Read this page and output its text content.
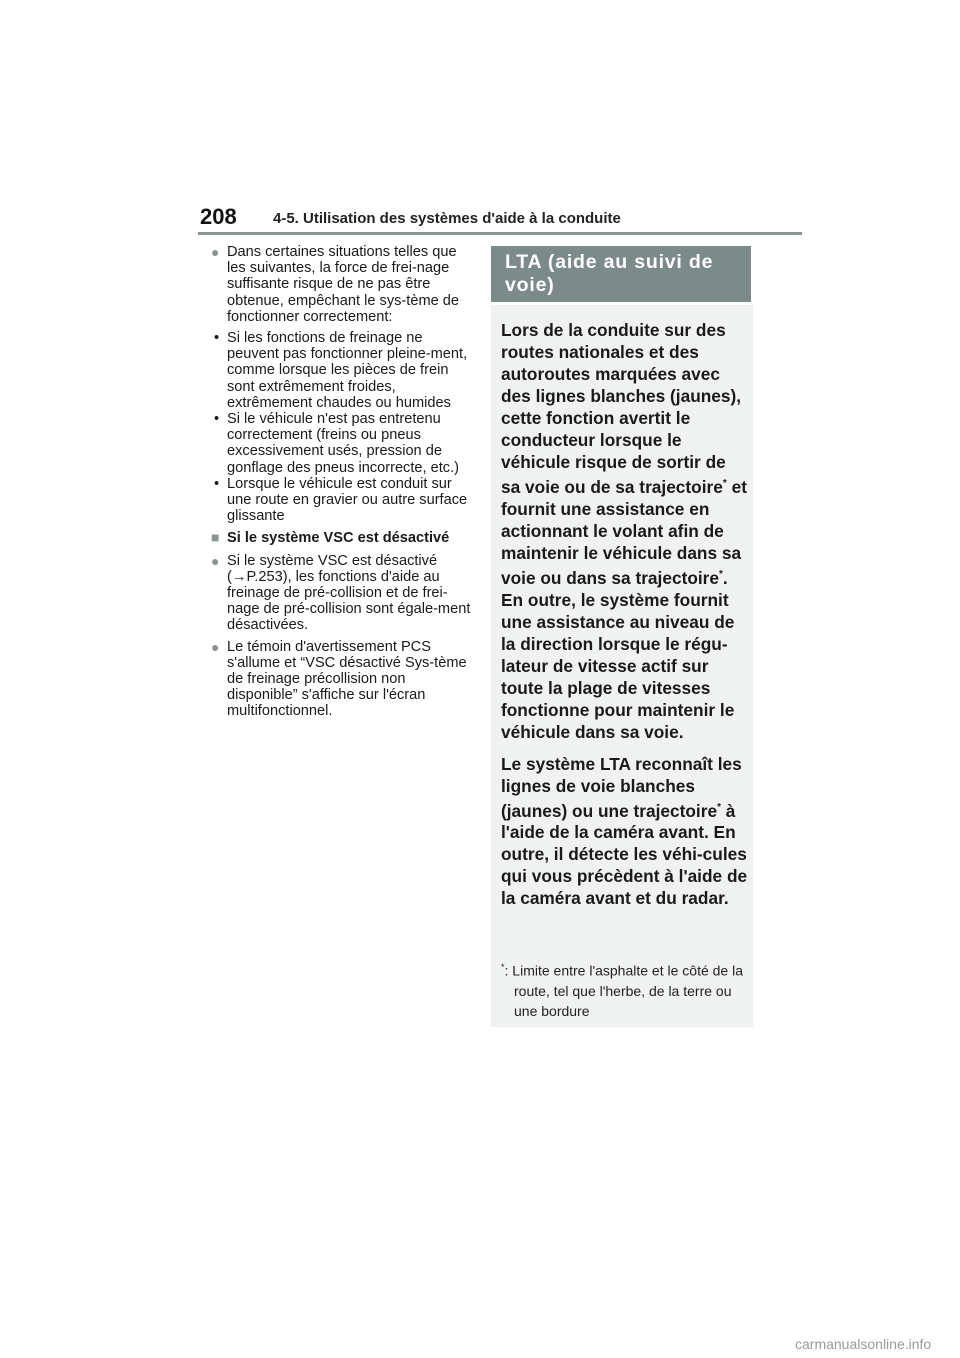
208 4-5. Utilisation des systèmes d'aide à la conduite
● Dans certaines situations telles que les suivantes, la force de frei-nage suffisante risque de ne pas être obtenue, empêchant le sys-tème de fonctionner correctement:
• Si les fonctions de freinage ne peuvent pas fonctionner pleine-ment, comme lorsque les pièces de frein sont extrêmement froides, extrêmement chaudes ou humides
• Si le véhicule n'est pas entretenu correctement (freins ou pneus excessivement usés, pression de gonflage des pneus incorrecte, etc.)
• Lorsque le véhicule est conduit sur une route en gravier ou autre surface glissante
■ Si le système VSC est désactivé
● Si le système VSC est désactivé (→P.253), les fonctions d'aide au freinage de pré-collision et de frei-nage de pré-collision sont égale-ment désactivées.
● Le témoin d'avertissement PCS s'allume et “VSC désactivé Sys-tème de freinage précollision non disponible” s'affiche sur l'écran multifonctionnel.
LTA (aide au suivi de voie)

Lors de la conduite sur des routes nationales et des autoroutes marquées avec des lignes blanches (jaunes), cette fonction avertit le conducteur lorsque le véhicule risque de sortir de sa voie ou de sa trajectoire* et fournit une assistance en actionnant le volant afin de maintenir le véhicule dans sa voie ou dans sa trajectoire*. En outre, le système fournit une assistance au niveau de la direction lorsque le régu-lateur de vitesse actif sur toute la plage de vitesses fonctionne pour maintenir le véhicule dans sa voie.

Le système LTA reconnaît les lignes de voie blanches (jaunes) ou une trajectoire* à l'aide de la caméra avant. En outre, il détecte les véhi-cules qui vous précèdent à l'aide de la caméra avant et du radar.

*: Limite entre l'asphalte et le côté de la route, tel que l'herbe, de la terre ou une bordure
carmanualsonline.info
